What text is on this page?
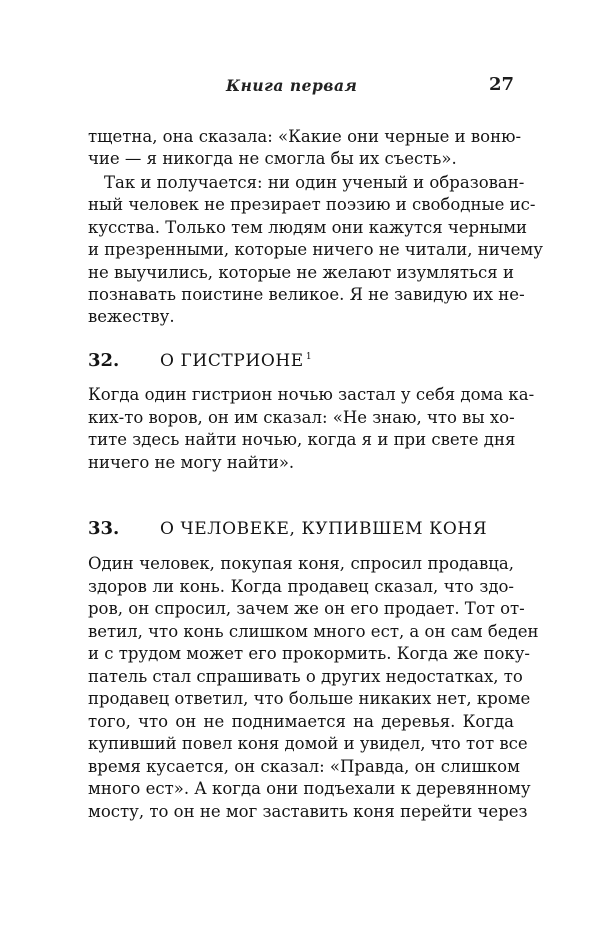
Книга первая	27
тщетна, она сказала: «Какие они черные и воню-
чие — я никогда не смогла бы их съесть».
Так и получается: ни один ученый и образован-
ный человек не презирает поэзию и свободные ис-
кусства. Только тем людям они кажутся черными
и презренными, которые ничего не читали, ничему
не выучились, которые не желают изумляться и
познавать поистине великое. Я не завидую их не-
вежеству.
32. О ГИСТРИОНЕ $^1$
Когда один гистрион ночью застал у себя дома ка-
ких-то воров, он им сказал: «Не знаю, что вы хо-
тите здесь найти ночью, когда я и при свете дня
ничего не могу найти».
33. О ЧЕЛОВЕКЕ, КУПИВШЕМ КОНЯ
Один человек, покупая коня, спросил продавца,
здоров ли конь. Когда продавец сказал, что здо-
ров, он спросил, зачем же он его продает. Тот от-
ветил, что конь слишком много ест, а он сам беден
и с трудом может его прокормить. Когда же поку-
патель стал спрашивать о других недостатках, то
продавец ответил, что больше никаких нет, кроме
того, что он не поднимается на деревья. Когда
купивший повел коня домой и увидел, что тот все
время кусается, он сказал: «Правда, он слишком
много ест». А когда они подъехали к деревянному
мосту, то он не мог заставить коня перейти через
